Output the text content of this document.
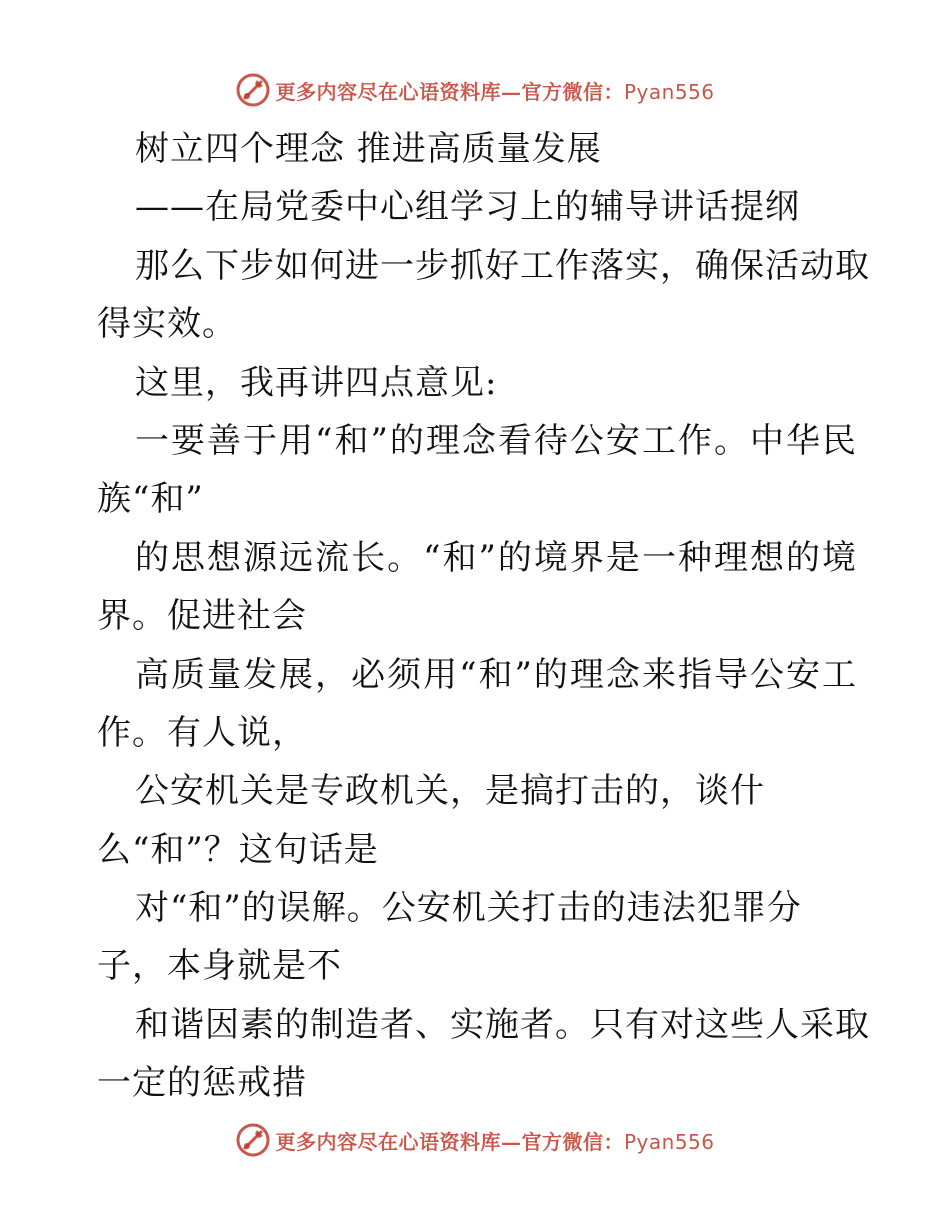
更多内容尽在心语资料库—官方微信：Pyan556
树立四个理念 推进高质量发展
——在局党委中心组学习上的辅导讲话提纲
那么下步如何进一步抓好工作落实，确保活动取
得实效。
这里，我再讲四点意见:
一要善于用“和”的理念看待公安工作。中华民
族“和”
的思想源远流长。“和”的境界是一种理想的境
界。促进社会
高质量发展，必须用“和”的理念来指导公安工
作。有人说，
公安机关是专政机关，是搞打击的，谈什
么“和”？这句话是
对“和”的误解。公安机关打击的违法犯罪分
子，本身就是不
和谐因素的制造者、实施者。只有对这些人采取
一定的惩戒措
更多内容尽在心语资料库—官方微信：Pyan556
